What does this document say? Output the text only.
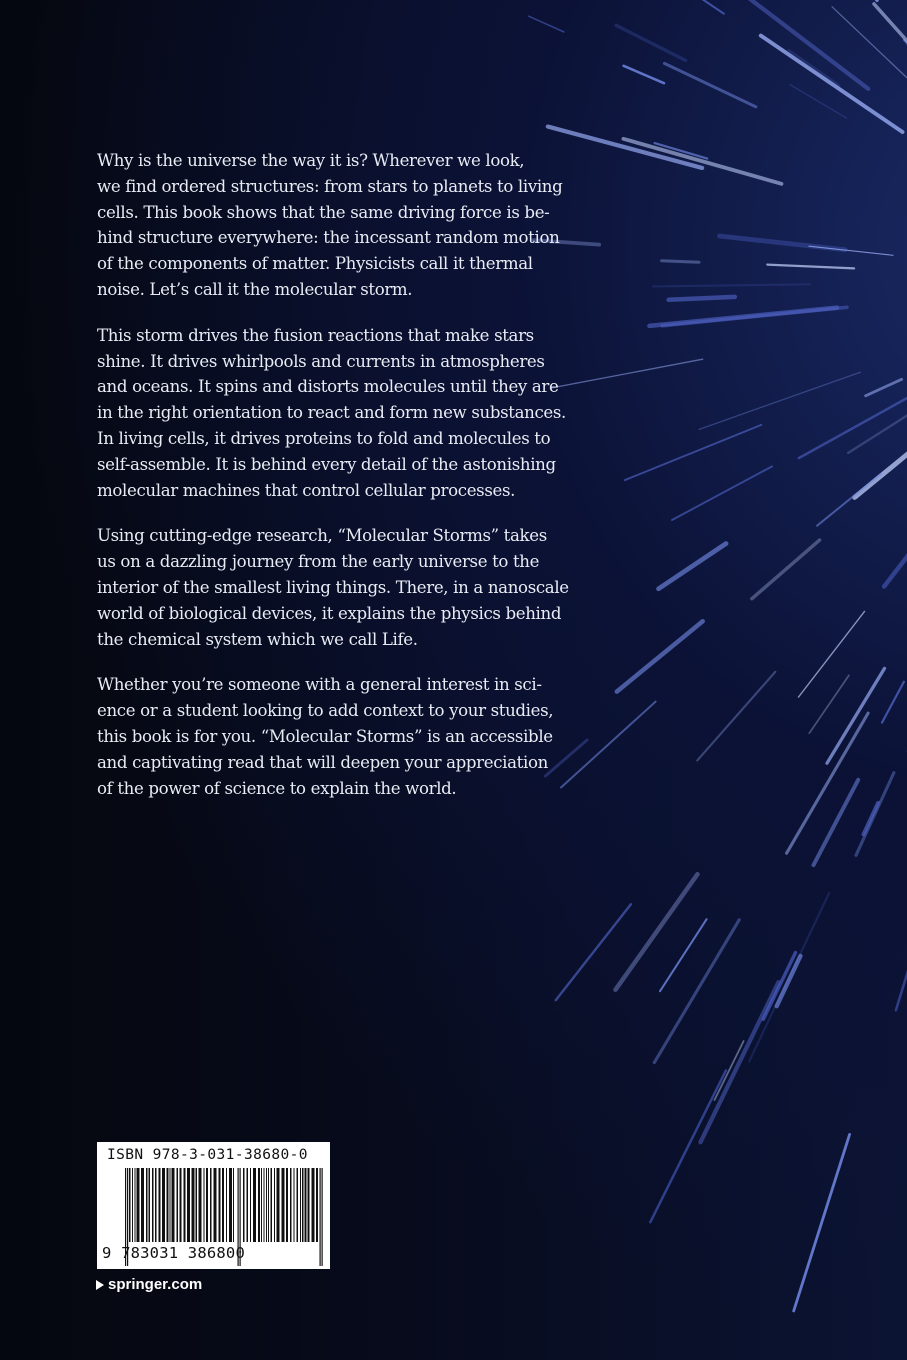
Why is the universe the way it is? Wherever we look,
we find ordered structures: from stars to planets to living
cells. This book shows that the same driving force is be-
hind structure everywhere: the incessant random motion
of the components of matter. Physicists call it thermal
noise. Let’s call it the molecular storm.

This storm drives the fusion reactions that make stars
shine. It drives whirlpools and currents in atmospheres
and oceans. It spins and distorts molecules until they are
in the right orientation to react and form new substances.
In living cells, it drives proteins to fold and molecules to
self-assemble. It is behind every detail of the astonishing
molecular machines that control cellular processes.

Using cutting-edge research, “Molecular Storms” takes
us on a dazzling journey from the early universe to the
interior of the smallest living things. There, in a nanoscale
world of biological devices, it explains the physics behind
the chemical system which we call Life.

Whether you’re someone with a general interest in sci-
ence or a student looking to add context to your studies,
this book is for you. “Molecular Storms” is an accessible
and captivating read that will deepen your appreciation
of the power of science to explain the world.

ISBN 978-3-031-38680-0
9 783031 386800
springer.com
